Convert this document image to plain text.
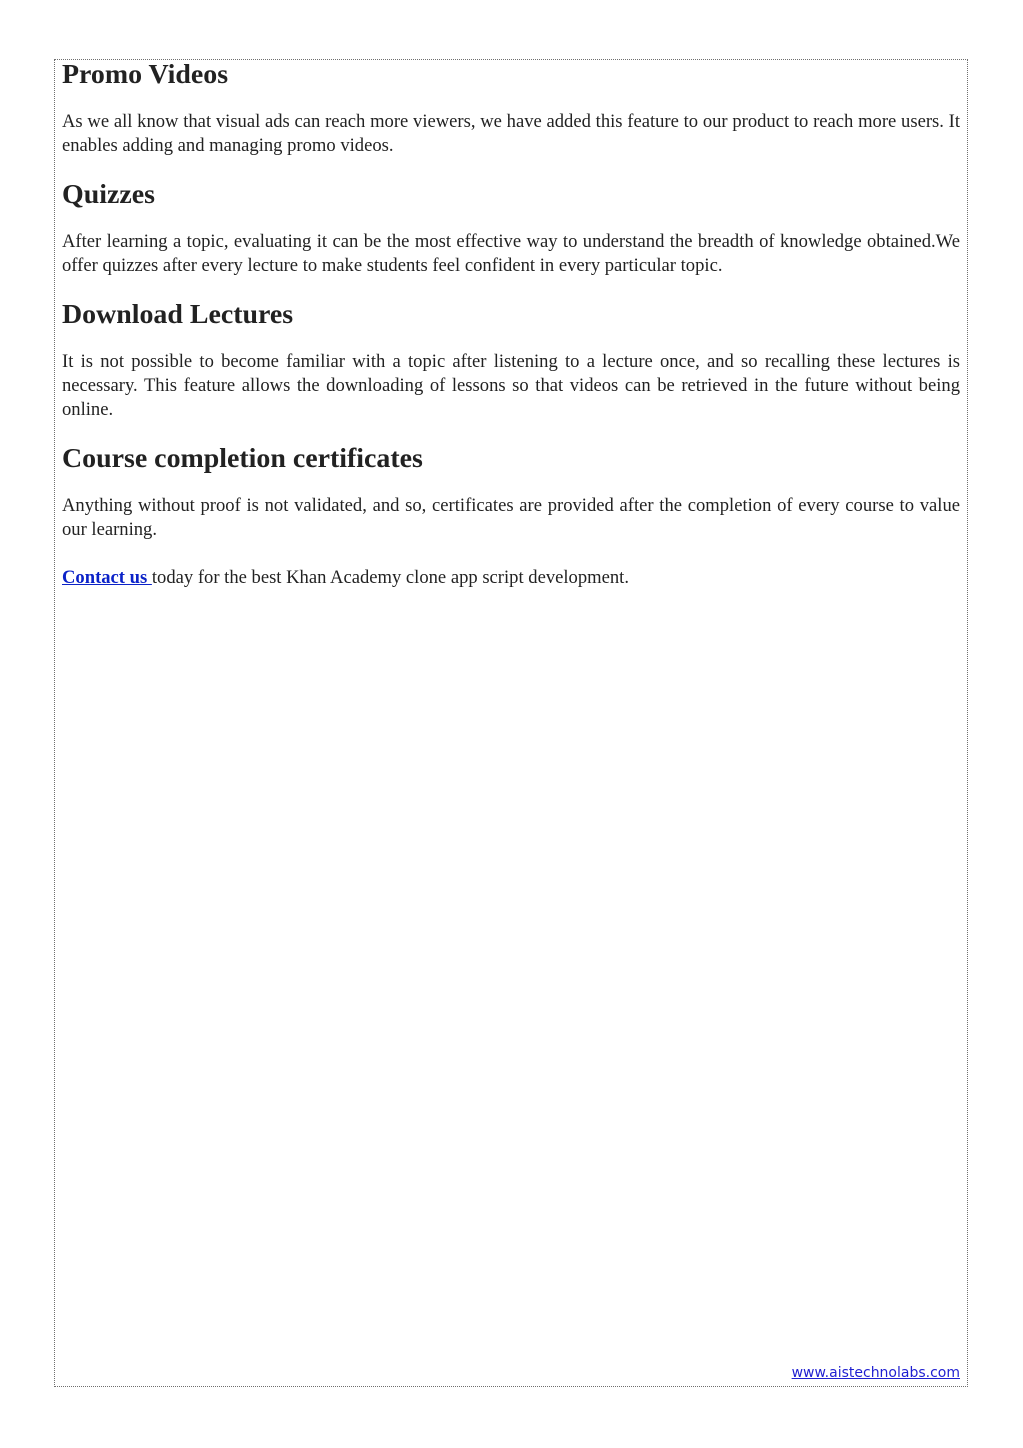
Promo Videos

As we all know that visual ads can reach more viewers, we have added this feature to our product to reach more users. It enables adding and managing promo videos.

Quizzes

After learning a topic, evaluating it can be the most effective way to understand the breadth of knowledge obtained.We offer quizzes after every lecture to make students feel confident in every particular topic.

Download Lectures

It is not possible to become familiar with a topic after listening to a lecture once, and so recalling these lectures is necessary. This feature allows the downloading of lessons so that videos can be retrieved in the future without being online.

Course completion certificates

Anything without proof is not validated, and so, certificates are provided after the completion of every course to value our learning.

Contact us today for the best Khan Academy clone app script development.

www.aistechnolabs.com
